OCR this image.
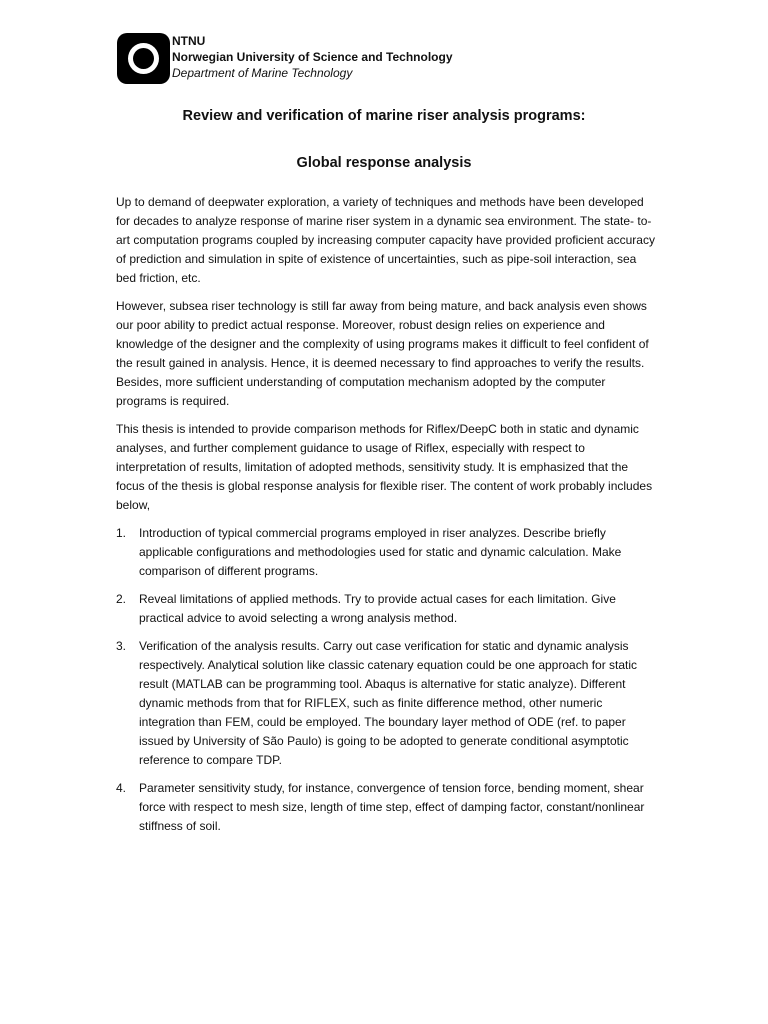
NTNU
Norwegian University of Science and Technology
Department of Marine Technology
Review and verification of marine riser analysis programs:
Global response analysis

Up to demand of deepwater exploration, a variety of techniques and methods have been developed for decades to analyze response of marine riser system in a dynamic sea environment. The state- to- art computation programs coupled by increasing computer capacity have provided proficient accuracy of prediction and simulation in spite of existence of uncertainties, such as pipe-soil interaction, sea bed friction, etc.

However, subsea riser technology is still far away from being mature, and back analysis even shows our poor ability to predict actual response. Moreover, robust design relies on experience and knowledge of the designer and the complexity of using programs makes it difficult to feel confident of the result gained in analysis. Hence, it is deemed necessary to find approaches to verify the results. Besides, more sufficient understanding of computation mechanism adopted by the computer programs is required.

This thesis is intended to provide comparison methods for Riflex/DeepC both in static and dynamic analyses, and further complement guidance to usage of Riflex, especially with respect to interpretation of results, limitation of adopted methods, sensitivity study. It is emphasized that the focus of the thesis is global response analysis for flexible riser. The content of work probably includes below,

1. Introduction of typical commercial programs employed in riser analyzes. Describe briefly applicable configurations and methodologies used for static and dynamic calculation. Make comparison of different programs.
2. Reveal limitations of applied methods. Try to provide actual cases for each limitation. Give practical advice to avoid selecting a wrong analysis method.
3. Verification of the analysis results. Carry out case verification for static and dynamic analysis respectively. Analytical solution like classic catenary equation could be one approach for static result (MATLAB can be programming tool. Abaqus is alternative for static analyze). Different dynamic methods from that for RIFLEX, such as finite difference method, other numeric integration than FEM, could be employed. The boundary layer method of ODE (ref. to paper issued by University of São Paulo) is going to be adopted to generate conditional asymptotic reference to compare TDP.
4. Parameter sensitivity study, for instance, convergence of tension force, bending moment, shear force with respect to mesh size, length of time step, effect of damping factor, constant/nonlinear stiffness of soil.
